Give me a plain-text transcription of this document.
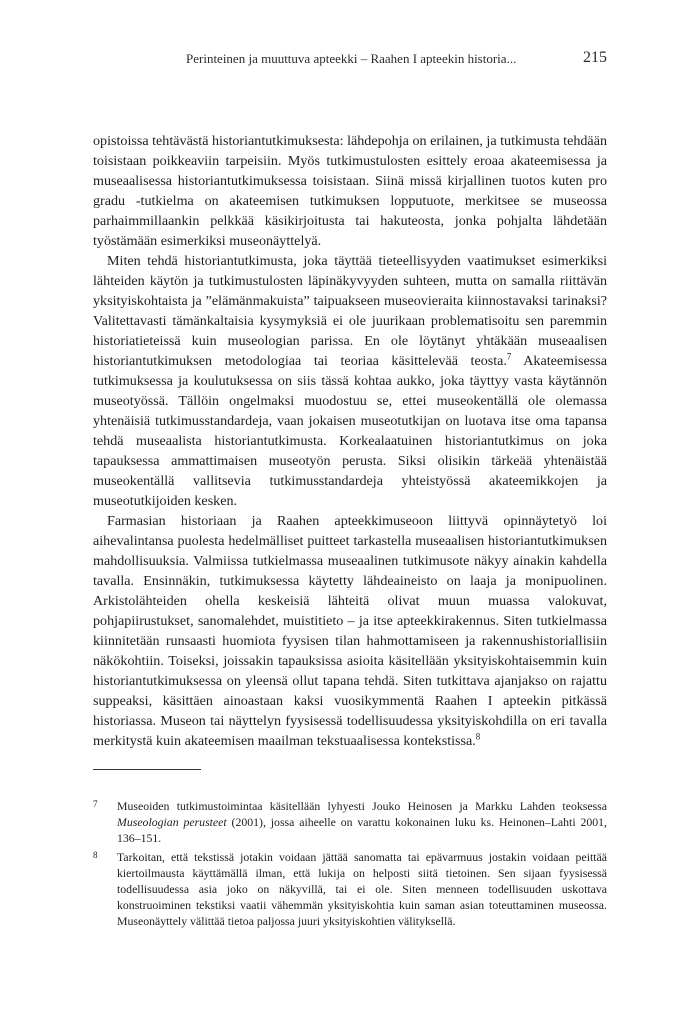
Perinteinen ja muuttuva apteekki – Raahen I apteekin historia...	215

opistoissa tehtävästä historiantutkimuksesta: lähdepohja on erilainen, ja tutkimusta tehdään toisistaan poikkeaviin tarpeisiin. Myös tutkimustulosten esittely eroaa akateemisessa ja museaalisessa historiantutkimuksessa toisistaan. Siinä missä kirjallinen tuotos kuten pro gradu -tutkielma on akateemisen tutkimuksen lopputuote, merkitsee se museossa parhaimmillaankin pelkkää käsikirjoitusta tai hakuteosta, jonka pohjalta lähdetään työstämään esimerkiksi museonäyttelyä.

Miten tehdä historiantutkimusta, joka täyttää tieteellisyyden vaatimukset esimerkiksi lähteiden käytön ja tutkimustulosten läpinäkyvyyden suhteen, mutta on samalla riittävän yksityiskohtaista ja ”elämänmakuista” taipuakseen museovieraita kiinnostavaksi tarinaksi? Valitettavasti tämänkaltaisia kysymyksiä ei ole juurikaan problematisoitu sen paremmin historiatieteissä kuin museologian parissa. En ole löytänyt yhtäkään museaalisen historiantutkimuksen metodologiaa tai teoriaa käsittelevää teosta.$^7$ Akateemisessa tutkimuksessa ja koulutuksessa on siis tässä kohtaa aukko, joka täyttyy vasta käytännön museotyössä. Tällöin ongelmaksi muodostuu se, ettei museokentällä ole olemassa yhtenäisiä tutkimusstandardeja, vaan jokaisen museotutkijan on luotava itse oma tapansa tehdä museaalista historiantutkimusta. Korkealaatuinen historiantutkimus on joka tapauksessa ammattimaisen museotyön perusta. Siksi olisikin tärkeää yhtenäistää museokentällä vallitsevia tutkimusstandardeja yhteistyössä akateemikkojen ja museotutkijoiden kesken.

Farmasian historiaan ja Raahen apteekkimuseoon liittyvä opinnäytetyö loi aihevalintansa puolesta hedelmälliset puitteet tarkastella museaalisen historiantutkimuksen mahdollisuuksia. Valmiissa tutkielmassa museaalinen tutkimusote näkyy ainakin kahdella tavalla. Ensinnäkin, tutkimuksessa käytetty lähdeaineisto on laaja ja monipuolinen. Arkistolähteiden ohella keskeisiä lähteitä olivat muun muassa valokuvat, pohjapiirustukset, sanomalehdet, muistitieto – ja itse apteekkirakennus. Siten tutkielmassa kiinnitetään runsaasti huomiota fyysisen tilan hahmottamiseen ja rakennushistoriallisiin näkökohtiin. Toiseksi, joissakin tapauksissa asioita käsitellään yksityiskohtaisemmin kuin historiantutkimuksessa on yleensä ollut tapana tehdä. Siten tutkittava ajanjakso on rajattu suppeaksi, käsittäen ainoastaan kaksi vuosikymmentä Raahen I apteekin pitkässä historiassa. Museon tai näyttelyn fyysisessä todellisuudessa yksityiskohdilla on eri tavalla merkitystä kuin akateemisen maailman tekstuaalisessa kontekstissa.$^8$

7 Museoiden tutkimustoimintaa käsitellään lyhyesti Jouko Heinosen ja Markku Lahden teoksessa Museologian perusteet (2001), jossa aiheelle on varattu kokonainen luku ks. Heinonen–Lahti 2001, 136–151.

8 Tarkoitan, että tekstissä jotakin voidaan jättää sanomatta tai epävarmuus jostakin voidaan peittää kiertoilmausta käyttämällä ilman, että lukija on helposti siitä tietoinen. Sen sijaan fyysisessä todellisuudessa asia joko on näkyvillä, tai ei ole. Siten menneen todellisuuden uskottava konstruoiminen tekstiksi vaatii vähemmän yksityiskohtia kuin saman asian toteuttaminen museossa. Museonäyttely välittää tietoa paljossa juuri yksityiskohtien välityksellä.
